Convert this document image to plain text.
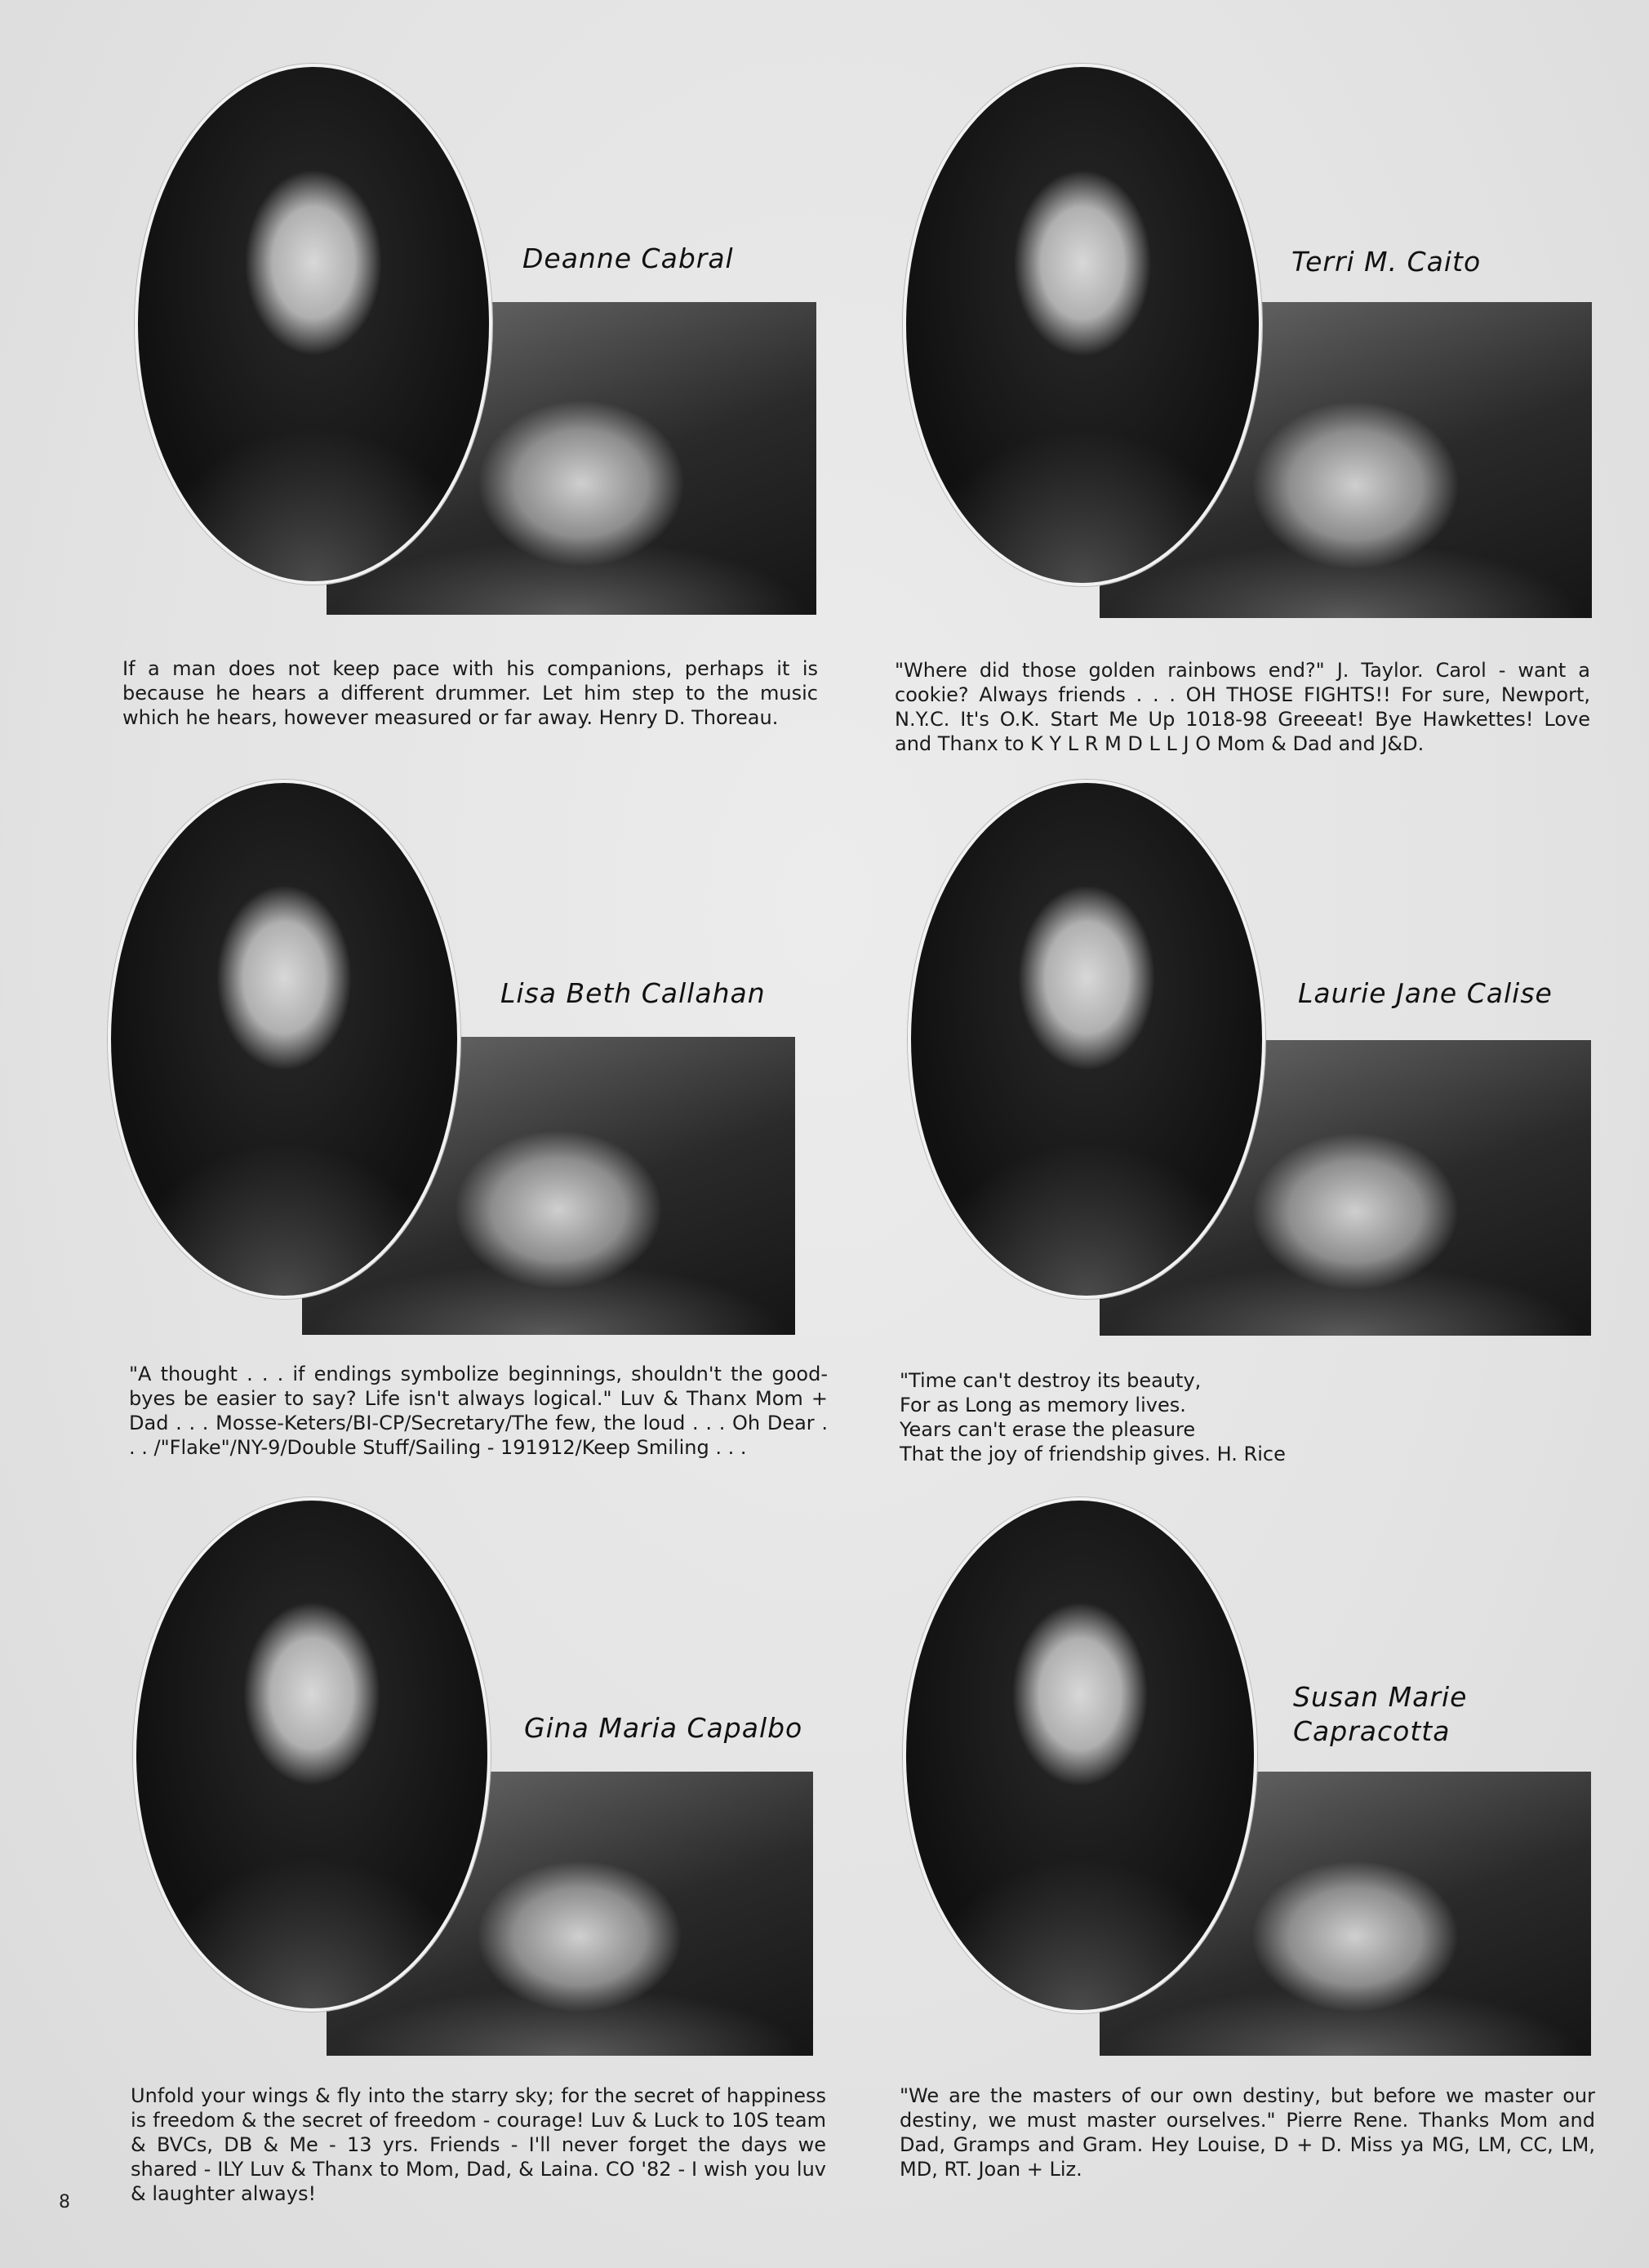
Deanne Cabral
If a man does not keep pace with his companions, perhaps it is because he hears a different drummer. Let him step to the music which he hears, however measured or far away. Henry D. Thoreau.
Terri M. Caito
"Where did those golden rainbows end?" J. Taylor. Carol - want a cookie? Always friends . . . OH THOSE FIGHTS!! For sure, Newport, N.Y.C. It's O.K. Start Me Up 1018-98 Greeeat! Bye Hawkettes! Love and Thanx to K Y L R M D L L J O Mom & Dad and J&D.
Lisa Beth Callahan
"A thought . . . if endings symbolize beginnings, shouldn't the good-byes be easier to say? Life isn't always logical." Luv & Thanx Mom + Dad . . . Mosse-Keters/BI-CP/Secretary/The few, the loud . . . Oh Dear . . . /"Flake"/NY-9/Double Stuff/Sailing - 191912/Keep Smiling . . .
Laurie Jane Calise
"Time can't destroy its beauty,
For as Long as memory lives.
Years can't erase the pleasure
That the joy of friendship gives. H. Rice
Gina Maria Capalbo
Unfold your wings & fly into the starry sky; for the secret of happiness is freedom & the secret of freedom - courage! Luv & Luck to 10S team & BVCs, DB & Me - 13 yrs. Friends - I'll never forget the days we shared - ILY Luv & Thanx to Mom, Dad, & Laina. CO '82 - I wish you luv & laughter always!
Susan Marie
Capracotta
"We are the masters of our own destiny, but before we master our destiny, we must master ourselves." Pierre Rene. Thanks Mom and Dad, Gramps and Gram. Hey Louise, D + D. Miss ya MG, LM, CC, LM, MD, RT. Joan + Liz.
8
